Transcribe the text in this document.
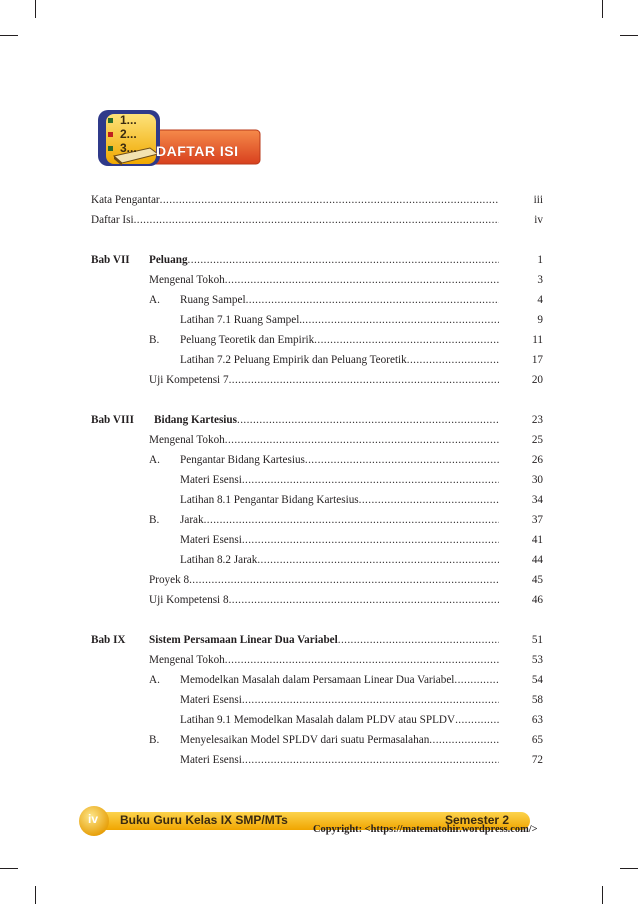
1...
2...
3... DAFTAR ISI
Kata Pengantar .....	iii
Daftar Isi .....	iv
Bab VII Peluang .....	1
Mengenal Tokoh .....	3
A.	Ruang Sampel .....	4
Latihan 7.1 Ruang Sampel. .....	9
B.	Peluang Teoretik dan Empirik .....	11
Latihan 7.2 Peluang Empirik dan Peluang Teoretik .....	17
Uji Kompetensi 7 .....	20
Bab VIII Bidang Kartesius .....	23
Mengenal Tokoh .....	25
A.	Pengantar Bidang Kartesius .....	26
Materi Esensi .....	30
Latihan 8.1 Pengantar Bidang Kartesius .....	34
B.	Jarak .....	37
Materi Esensi .....	41
Latihan 8.2 Jarak .....	44
Proyek 8 .....	45
Uji Kompetensi 8 .....	46
Bab IX Sistem Persamaan Linear Dua Variabel .....	51
Mengenal Tokoh .....	53
A.	Memodelkan Masalah dalam Persamaan Linear Dua Variabel .....	54
Materi Esensi .....	58
Latihan 9.1 Memodelkan Masalah dalam PLDV atau SPLDV .....	63
B.	Menyelesaikan Model SPLDV dari suatu Permasalahan .....	65
Materi Esensi .....	72
iv Buku Guru Kelas IX SMP/MTs	Semester 2
Copyright: <https://matematohir.wordpress.com/>
